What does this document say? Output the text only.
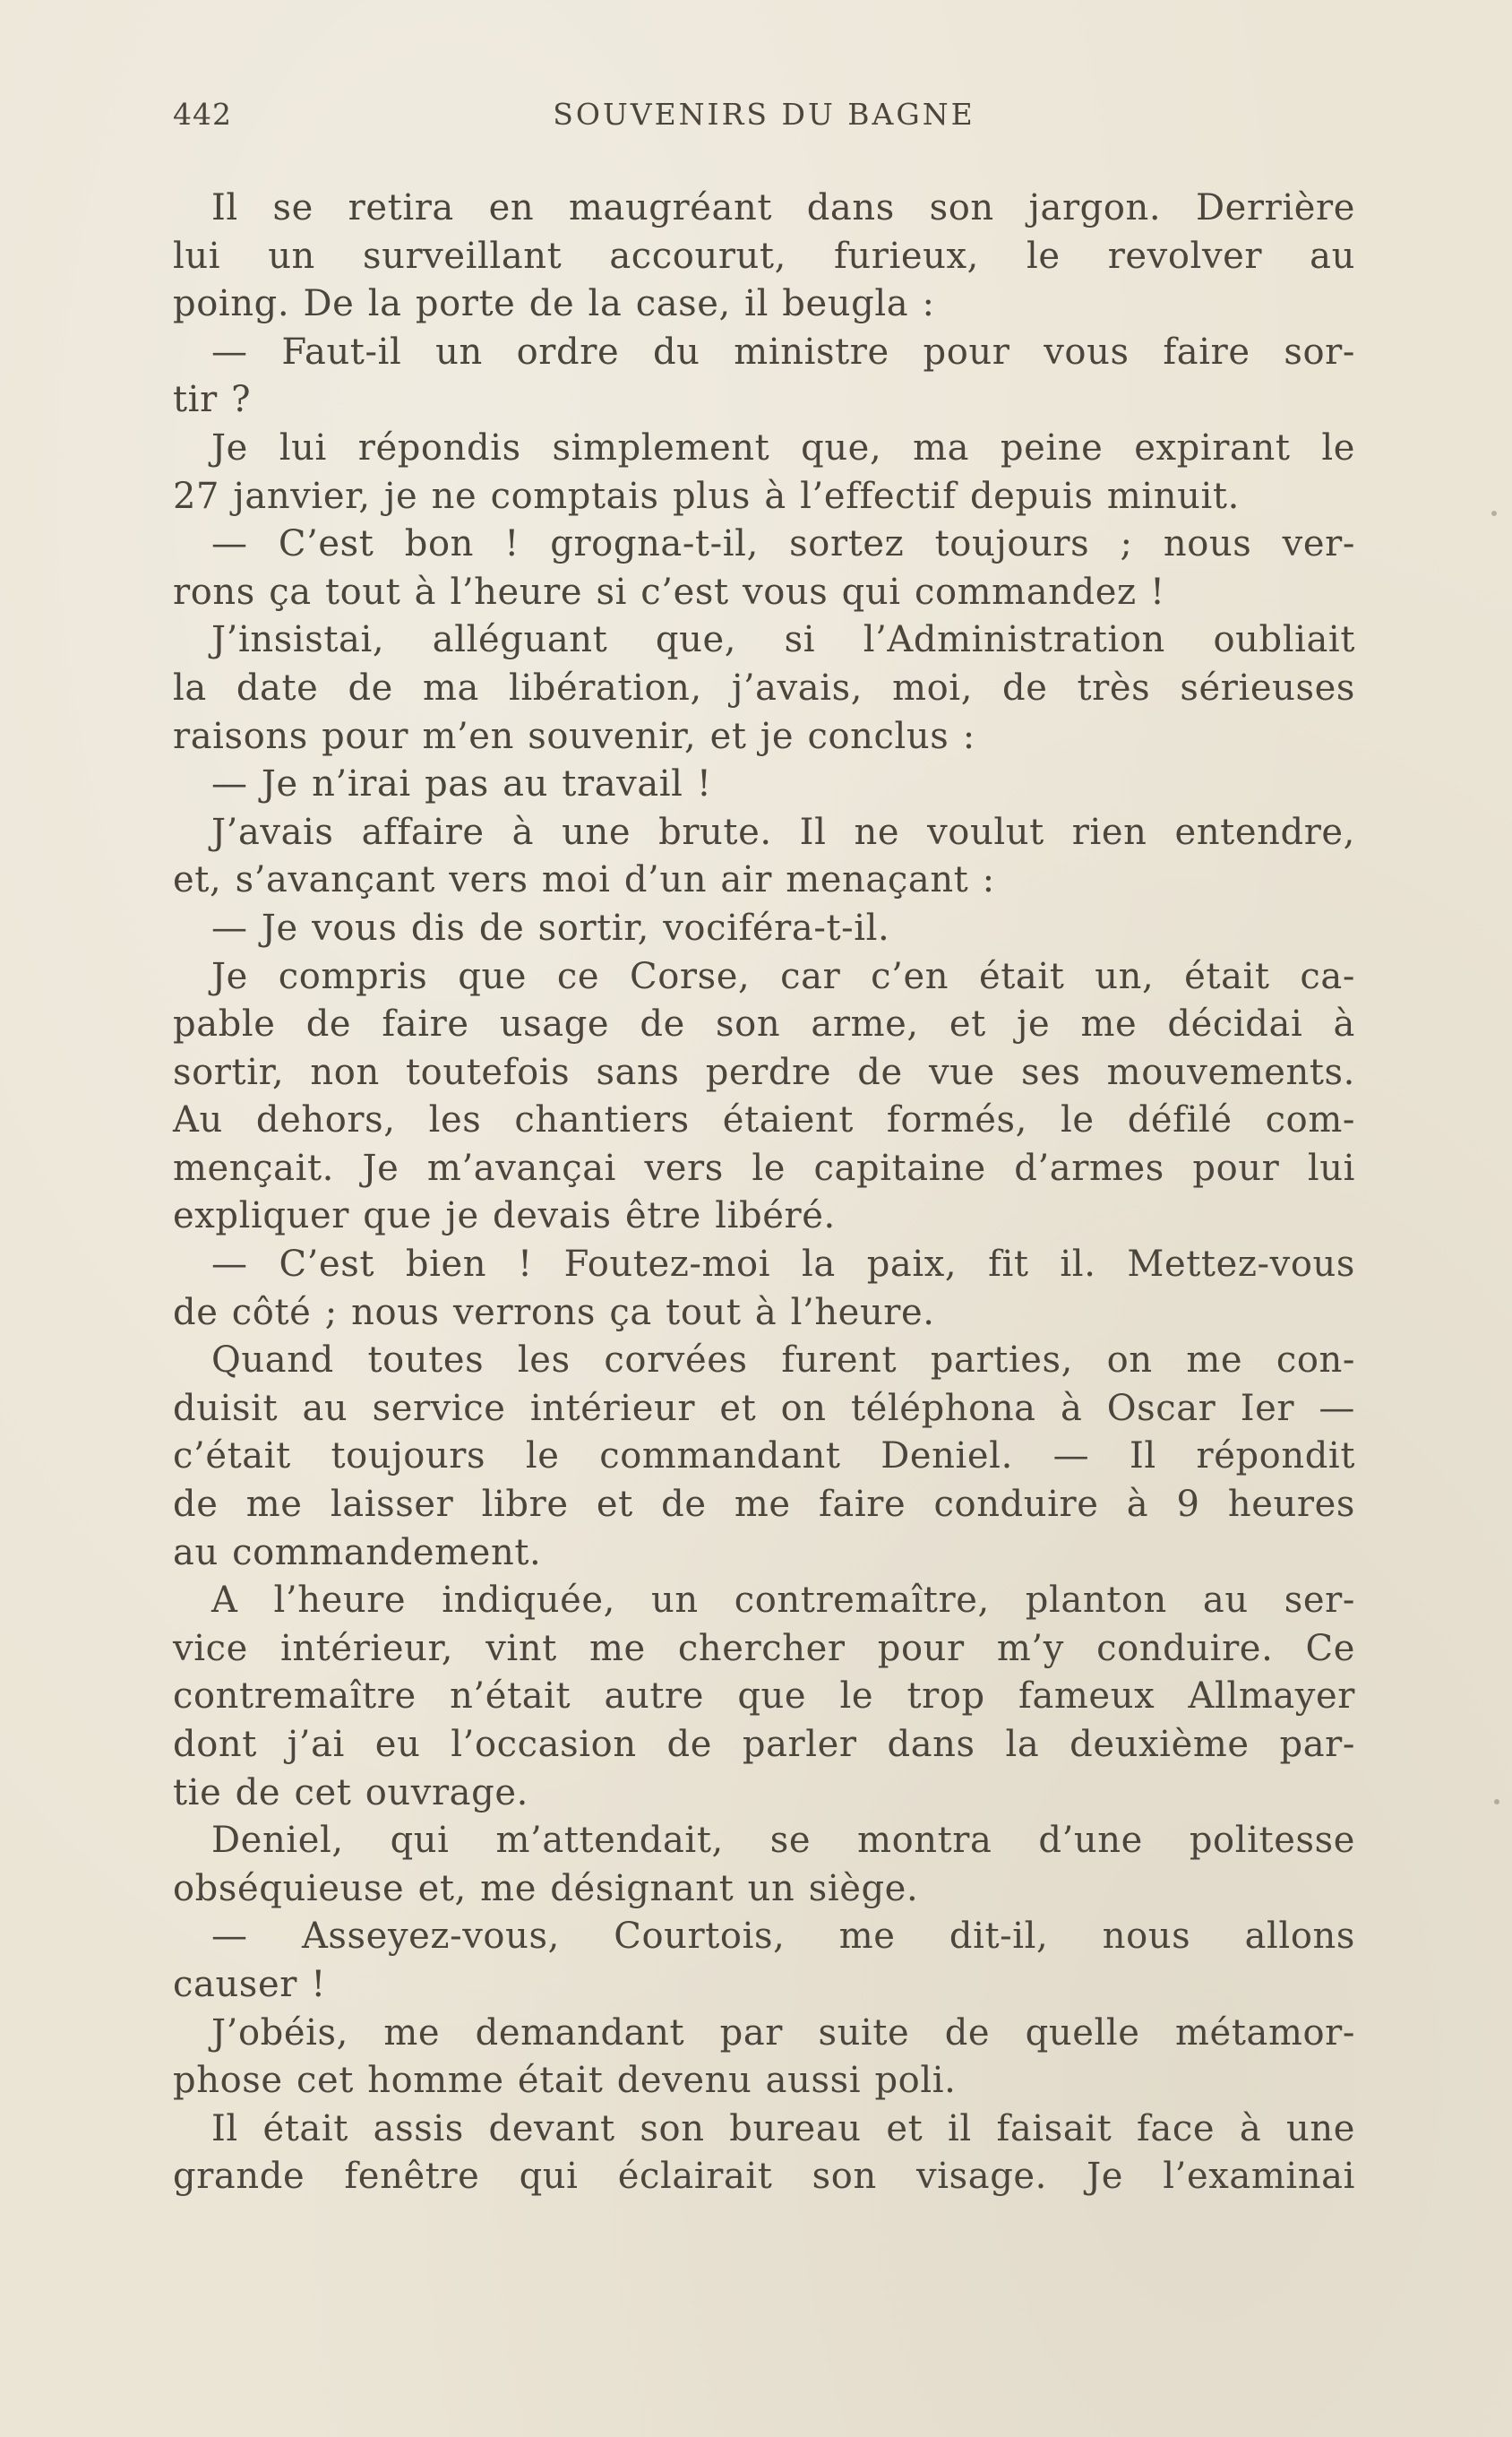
442	SOUVENIRS DU BAGNE
Il se retira en maugréant dans son jargon. Derrière
lui un surveillant accourut, furieux, le revolver au
poing. De la porte de la case, il beugla :
— Faut-il un ordre du ministre pour vous faire sor-
tir ?
Je lui répondis simplement que, ma peine expirant le
27 janvier, je ne comptais plus à l’effectif depuis minuit.
— C’est bon ! grogna-t-il, sortez toujours ; nous ver-
rons ça tout à l’heure si c’est vous qui commandez !
J’insistai, alléguant que, si l’Administration oubliait
la date de ma libération, j’avais, moi, de très sérieuses
raisons pour m’en souvenir, et je conclus :
— Je n’irai pas au travail !
J’avais affaire à une brute. Il ne voulut rien entendre,
et, s’avançant vers moi d’un air menaçant :
— Je vous dis de sortir, vociféra-t-il.
Je compris que ce Corse, car c’en était un, était ca-
pable de faire usage de son arme, et je me décidai à
sortir, non toutefois sans perdre de vue ses mouvements.
Au dehors, les chantiers étaient formés, le défilé com-
mençait. Je m’avançai vers le capitaine d’armes pour lui
expliquer que je devais être libéré.
— C’est bien ! Foutez-moi la paix, fit il. Mettez-vous
de côté ; nous verrons ça tout à l’heure.
Quand toutes les corvées furent parties, on me con-
duisit au service intérieur et on téléphona à Oscar Ier —
c’était toujours le commandant Deniel. — Il répondit
de me laisser libre et de me faire conduire à 9 heures
au commandement.
A l’heure indiquée, un contremaître, planton au ser-
vice intérieur, vint me chercher pour m’y conduire. Ce
contremaître n’était autre que le trop fameux Allmayer
dont j’ai eu l’occasion de parler dans la deuxième par-
tie de cet ouvrage.
Deniel, qui m’attendait, se montra d’une politesse
obséquieuse et, me désignant un siège.
— Asseyez-vous, Courtois, me dit-il, nous allons
causer !
J’obéis, me demandant par suite de quelle métamor-
phose cet homme était devenu aussi poli.
Il était assis devant son bureau et il faisait face à une
grande fenêtre qui éclairait son visage. Je l’examinai
